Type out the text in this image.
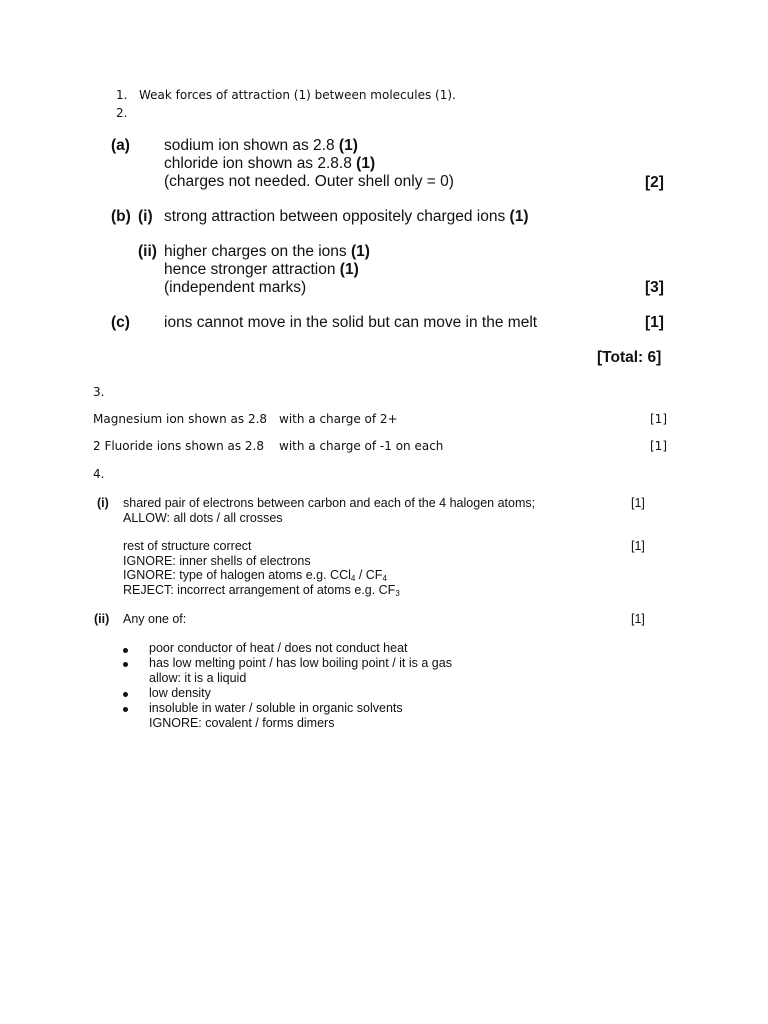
1. Weak forces of attraction (1) between molecules (1).
2.
(a) sodium ion shown as 2.8 (1)
chloride ion shown as 2.8.8 (1)
(charges not needed. Outer shell only = 0)	[2]
(b) (i) strong attraction between oppositely charged ions (1)
(ii) higher charges on the ions (1)
hence stronger attraction (1)
(independent marks)	[3]
(c) ions cannot move in the solid but can move in the melt	[1]
[Total: 6]
3.
Magnesium ion shown as 2.8 with a charge of 2+	[1]
2 Fluoride ions shown as 2.8 with a charge of -1 on each	[1]
4.
(i) shared pair of electrons between carbon and each of the 4 halogen atoms;	[1]
ALLOW: all dots / all crosses
rest of structure correct	[1]
IGNORE: inner shells of electrons
IGNORE: type of halogen atoms e.g. $CCl_4 / CF_4$
REJECT: incorrect arrangement of atoms e.g. $CF_3$
(ii) Any one of:	[1]
poor conductor of heat / does not conduct heat
has low melting point / has low boiling point / it is a gas
allow: it is a liquid
low density
insoluble in water / soluble in organic solvents
IGNORE: covalent / forms dimers
